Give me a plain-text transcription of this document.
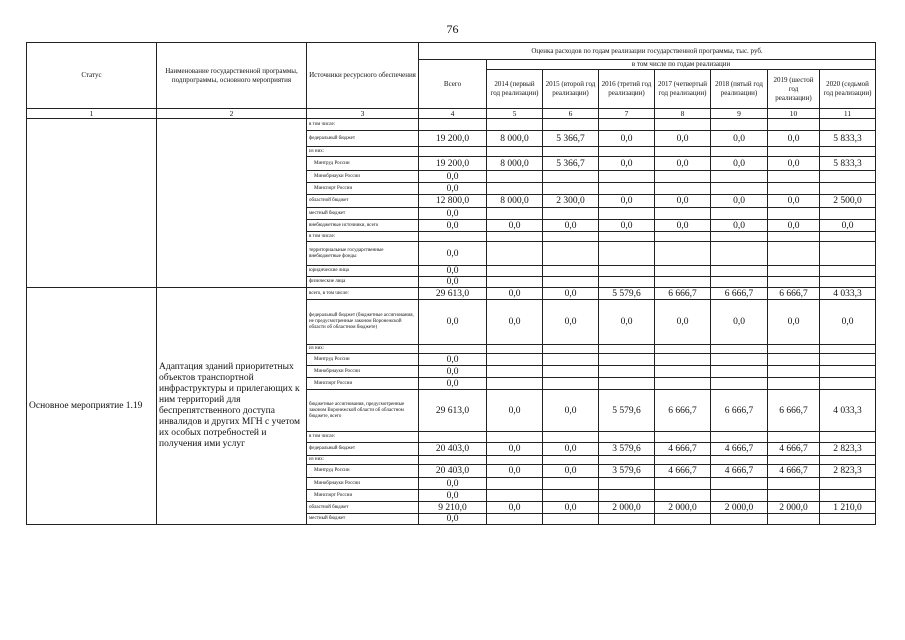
76
Статус	Наименование государственной программы, подпрограммы, основного мероприятия	Источники ресурсного обеспечения	Оценка расходов по годам реализации государственной программы, тыс. руб.							
			Всего	в том числе по годам реализации						
				2014 (первый год реализации)	2015 (второй год реализации)	2016 (третий год реализации)	2017 (четвертый год реализации)	2018 (пятый год реализации)	2019 (шестой год реализации)	2020 (седьмой год реализации)
1	2	3	4	5	6	7	8	9	10	11
		в том числе:								
		федеральный бюджет	19 200,0	8 000,0	5 366,7	0,0	0,0	0,0	0,0	5 833,3
		из них:								
		Минтруд России	19 200,0	8 000,0	5 366,7	0,0	0,0	0,0	0,0	5 833,3
		Минобрнауки России	0,0							
		Минспорт России	0,0							
		областной бюджет	12 800,0	8 000,0	2 300,0	0,0	0,0	0,0	0,0	2 500,0
		местный бюджет	0,0							
		внебюджетные источники, всего	0,0	0,0	0,0	0,0	0,0	0,0	0,0	0,0
		в том числе:								
		территориальные государственные внебюджетные фонды	0,0							
		юридические лица	0,0							
		физические лица	0,0							
Основное мероприятие 1.19	Адаптация зданий приоритетных объектов транспортной инфраструктуры и прилегающих к ним территорий для беспрепятственного доступа инвалидов и других МГН с учетом их особых потребностей и получения ими услуг	всего, в том числе:	29 613,0	0,0	0,0	5 579,6	6 666,7	6 666,7	6 666,7	4 033,3
		федеральный бюджет (бюджетные ассигнования, не предусмотренные законом Воронежской области об областном бюджете)	0,0	0,0	0,0	0,0	0,0	0,0	0,0	0,0
		из них:								
		Минтруд России	0,0							
		Минобрнауки России	0,0							
		Минспорт России	0,0							
		бюджетные ассигнования, предусмотренные законом Воронежской области об областном бюджете, всего	29 613,0	0,0	0,0	5 579,6	6 666,7	6 666,7	6 666,7	4 033,3
		в том числе:								
		федеральный бюджет	20 403,0	0,0	0,0	3 579,6	4 666,7	4 666,7	4 666,7	2 823,3
		из них:								
		Минтруд России	20 403,0	0,0	0,0	3 579,6	4 666,7	4 666,7	4 666,7	2 823,3
		Минобрнауки России	0,0							
		Минспорт России	0,0							
		областной бюджет	9 210,0	0,0	0,0	2 000,0	2 000,0	2 000,0	2 000,0	1 210,0
		местный бюджет	0,0							
